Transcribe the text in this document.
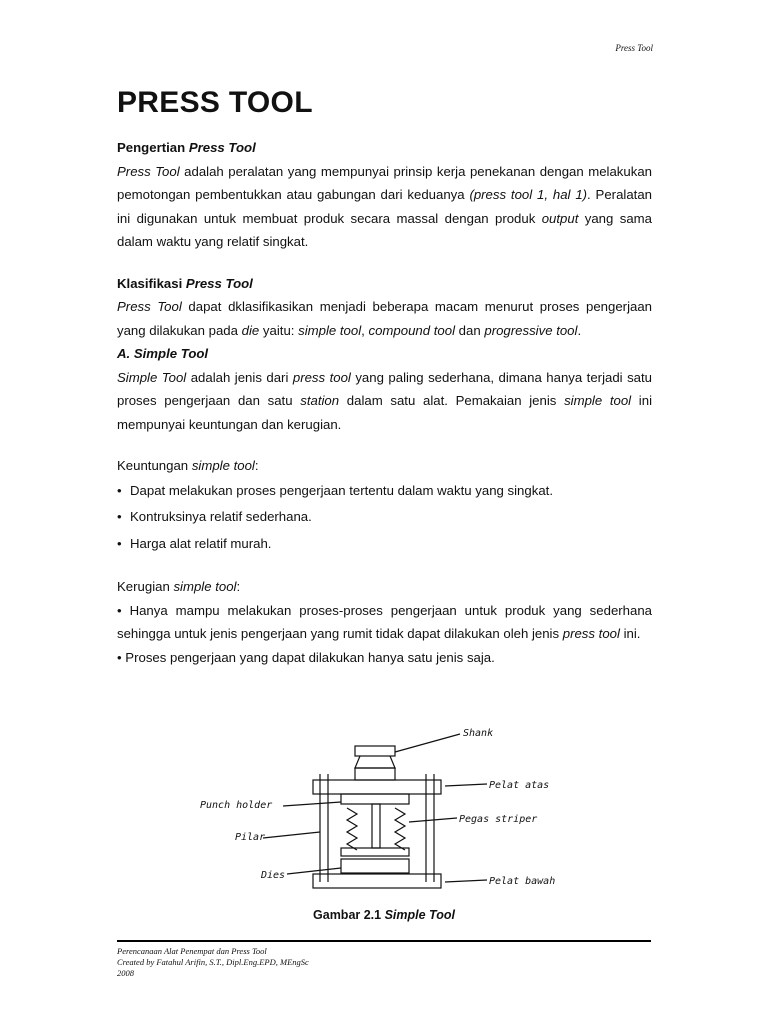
Press Tool
PRESS TOOL

Pengertian Press Tool

Press Tool adalah peralatan yang mempunyai prinsip kerja penekanan dengan melakukan pemotongan pembentukkan atau gabungan dari keduanya (press tool 1, hal 1). Peralatan ini digunakan untuk membuat produk secara massal dengan produk output yang sama dalam waktu yang relatif singkat.

Klasifikasi Press Tool

Press Tool dapat dklasifikasikan menjadi beberapa macam menurut proses pengerjaan yang dilakukan pada die yaitu: simple tool, compound tool dan progressive tool.

A. Simple Tool

Simple Tool adalah jenis dari press tool yang paling sederhana, dimana hanya terjadi satu proses pengerjaan dan satu station dalam satu alat. Pemakaian jenis simple tool ini mempunyai keuntungan dan kerugian.

Keuntungan simple tool:

• Dapat melakukan proses pengerjaan tertentu dalam waktu yang singkat.
• Kontruksinya relatif sederhana.
• Harga alat relatif murah.

Kerugian simple tool:

• Hanya mampu melakukan proses-proses pengerjaan untuk produk yang sederhana sehingga untuk jenis pengerjaan yang rumit tidak dapat dilakukan oleh jenis press tool ini.

• Proses pengerjaan yang dapat dilakukan hanya satu jenis saja.

Shank
Pelat atas
Punch holder
Pegas striper
Pilar
Dies
Pelat bawah
Gambar 2.1 Simple Tool
Perencanaan Alat Penempat dan Press Tool
Created by Fatahul Arifin, S.T., Dipl.Eng.EPD, MEngSc
2008
